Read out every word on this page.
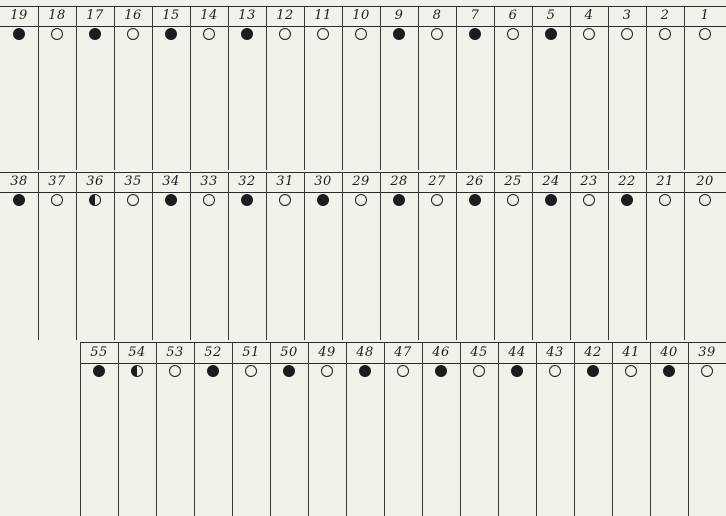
19	18	17	16	15	14	13	12	11	10	9	8	7	6	5	4	3	2	1
38	37	36	35	34	33	32	31	30	29	28	27	26	25	24	23	22	21	20
55	54	53	52	51	50	49	48	47	46	45	44	43	42	41	40	39
